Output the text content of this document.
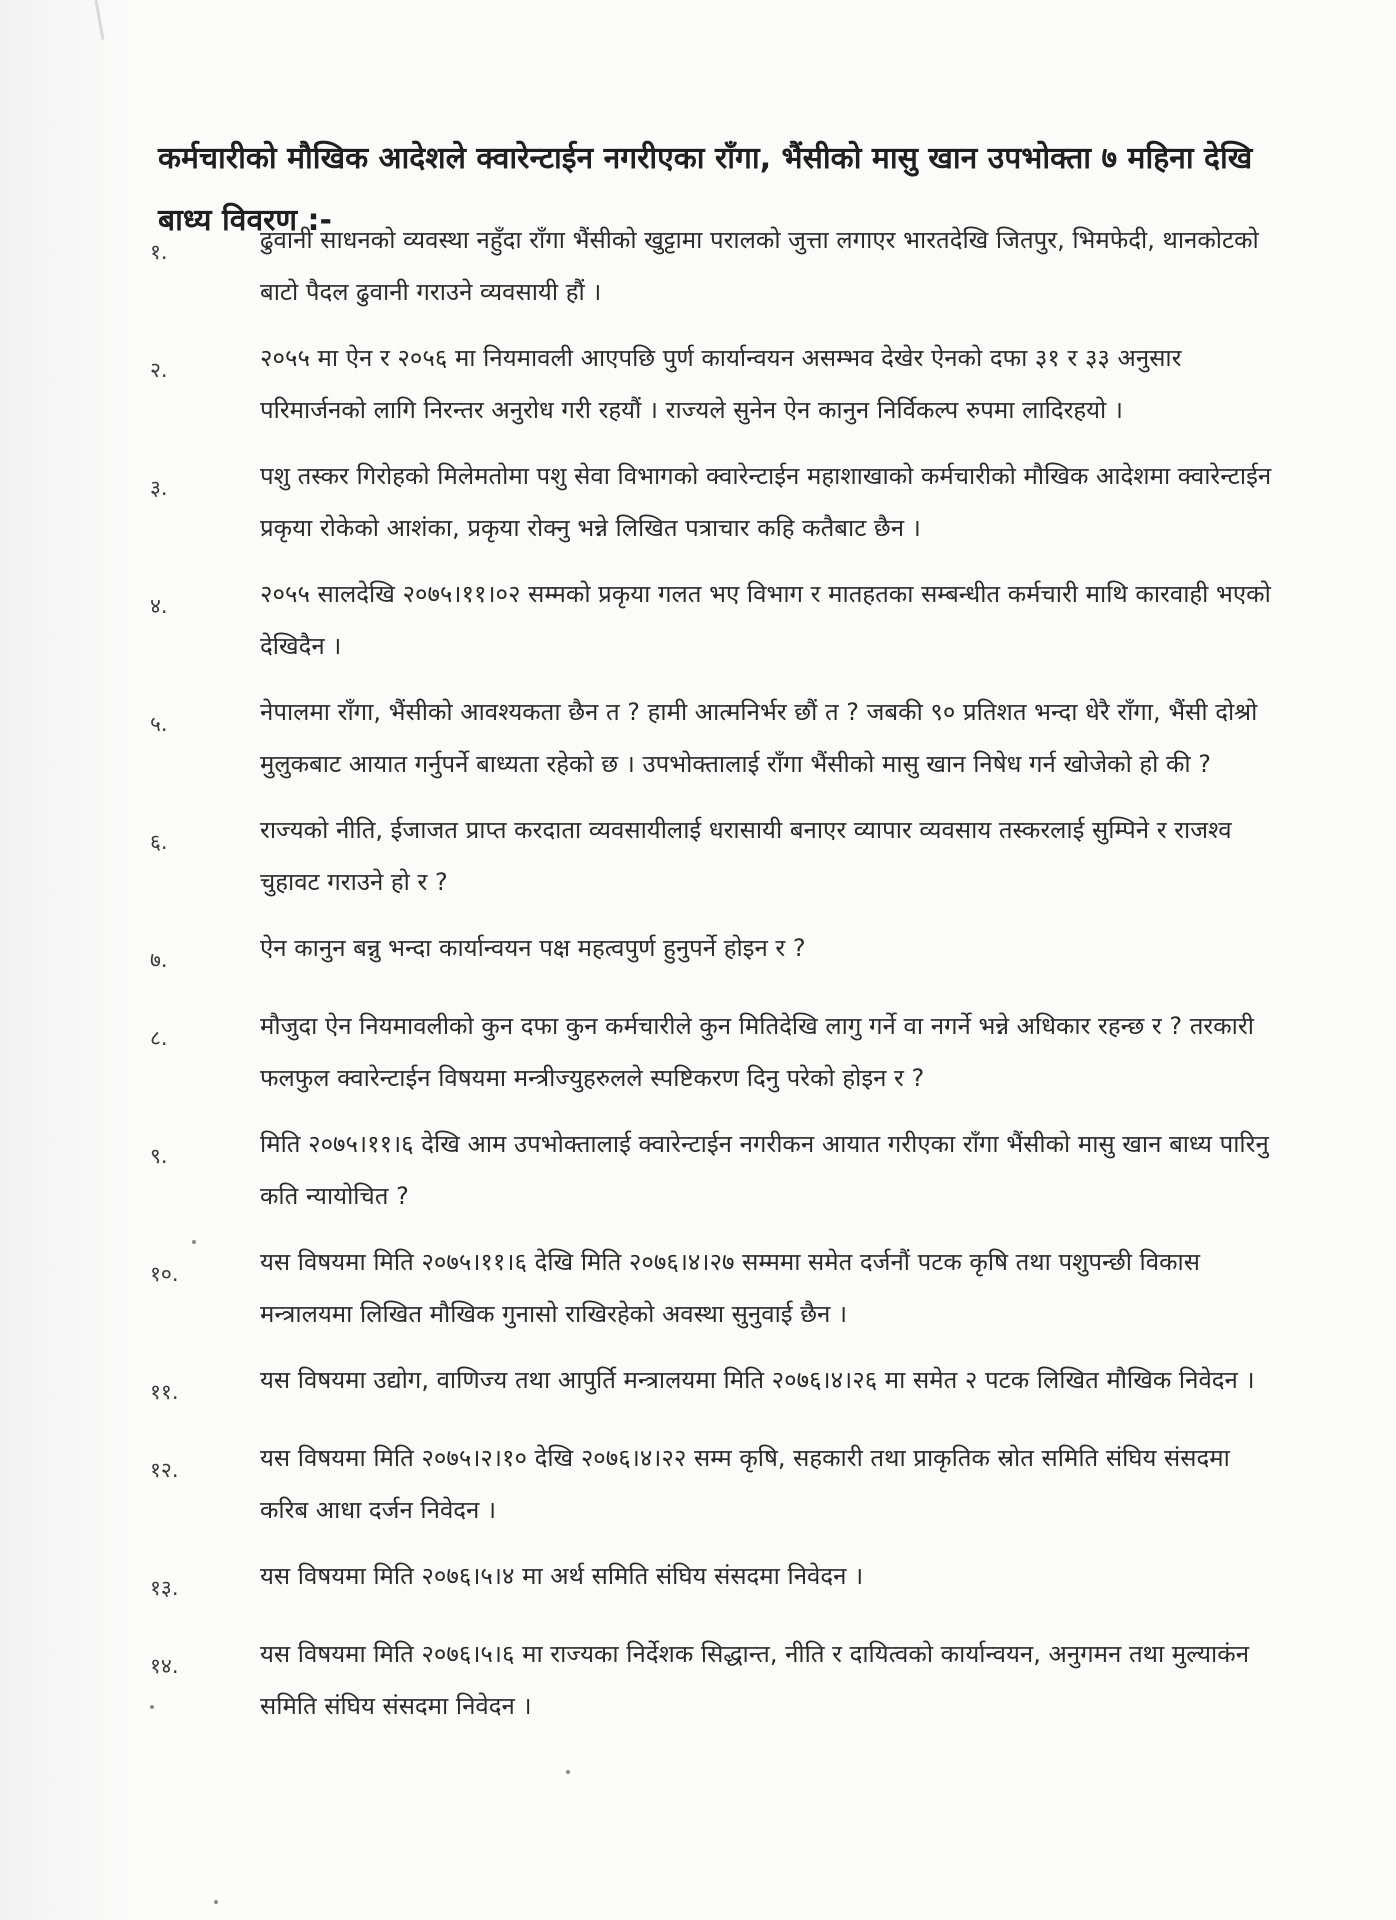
कर्मचारीको मौखिक आदेशले क्वारेन्टाईन नगरीएका राँगा, भैंसीको मासु खान उपभोक्ता ७ महिना देखि बाध्य विवरण :-
१.	ढुवानी साधनको व्यवस्था नहुँदा राँगा भैंसीको खुट्टामा परालको जुत्ता लगाएर भारतदेखि जितपुर, भिमफेदी, थानकोटको बाटो पैदल ढुवानी गराउने व्यवसायी हौं ।
२.	२०५५ मा ऐन र २०५६ मा नियमावली आएपछि पुर्ण कार्यान्वयन असम्भव देखेर ऐनको दफा ३१ र ३३ अनुसार परिमार्जनको लागि निरन्तर अनुरोध गरी रहयौं । राज्यले सुनेन ऐन कानुन निर्विकल्प रुपमा लादिरहयो ।
३.	पशु तस्कर गिरोहको मिलेमतोमा पशु सेवा विभागको क्वारेन्टाईन महाशाखाको कर्मचारीको मौखिक आदेशमा क्वारेन्टाईन प्रकृया रोकेको आशंका, प्रकृया रोक्नु भन्ने लिखित पत्राचार कहि कतैबाट छैन ।
४.	२०५५ सालदेखि २०७५।११।०२ सम्मको प्रकृया गलत भए विभाग र मातहतका सम्बन्धीत कर्मचारी माथि कारवाही भएको देखिदैन ।
५.	नेपालमा राँगा, भैंसीको आवश्यकता छैन त ? हामी आत्मनिर्भर छौं त ? जबकी ९० प्रतिशत भन्दा धेरै राँगा, भैंसी दोश्रो मुलुकबाट आयात गर्नुपर्ने बाध्यता रहेको छ । उपभोक्तालाई राँगा भैंसीको मासु खान निषेध गर्न खोजेको हो की ?
६.	राज्यको नीति, ईजाजत प्राप्त करदाता व्यवसायीलाई धरासायी बनाएर व्यापार व्यवसाय तस्करलाई सुम्पिने र राजश्व चुहावट गराउने हो र ?
७.	ऐन कानुन बन्नु भन्दा कार्यान्वयन पक्ष महत्वपुर्ण हुनुपर्ने होइन र ?
८.	मौजुदा ऐन नियमावलीको कुन दफा कुन कर्मचारीले कुन मितिदेखि लागु गर्ने वा नगर्ने भन्ने अधिकार रहन्छ र ? तरकारी फलफुल क्वारेन्टाईन विषयमा मन्त्रीज्युहरुलले स्पष्टिकरण दिनु परेको होइन र ?
९.	मिति २०७५।११।६ देखि आम उपभोक्तालाई क्वारेन्टाईन नगरीकन आयात गरीएका राँगा भैंसीको मासु खान बाध्य पारिनु कति न्यायोचित ?
१०.	यस विषयमा मिति २०७५।११।६ देखि मिति २०७६।४।२७ सम्ममा समेत दर्जनौं पटक कृषि तथा पशुपन्छी विकास मन्त्रालयमा लिखित मौखिक गुनासो राखिरहेको अवस्था सुनुवाई छैन ।
११.	यस विषयमा उद्योग, वाणिज्य तथा आपुर्ति मन्त्रालयमा मिति २०७६।४।२६ मा समेत २ पटक लिखित मौखिक निवेदन ।
१२.	यस विषयमा मिति २०७५।२।१० देखि २०७६।४।२२ सम्म कृषि, सहकारी तथा प्राकृतिक स्रोत समिति संघिय संसदमा करिब आधा दर्जन निवेदन ।
१३.	यस विषयमा मिति २०७६।५।४ मा अर्थ समिति संघिय संसदमा निवेदन ।
१४.	यस विषयमा मिति २०७६।५।६ मा राज्यका निर्देशक सिद्धान्त, नीति र दायित्वको कार्यान्वयन, अनुगमन तथा मुल्याकंन समिति संघिय संसदमा निवेदन ।
